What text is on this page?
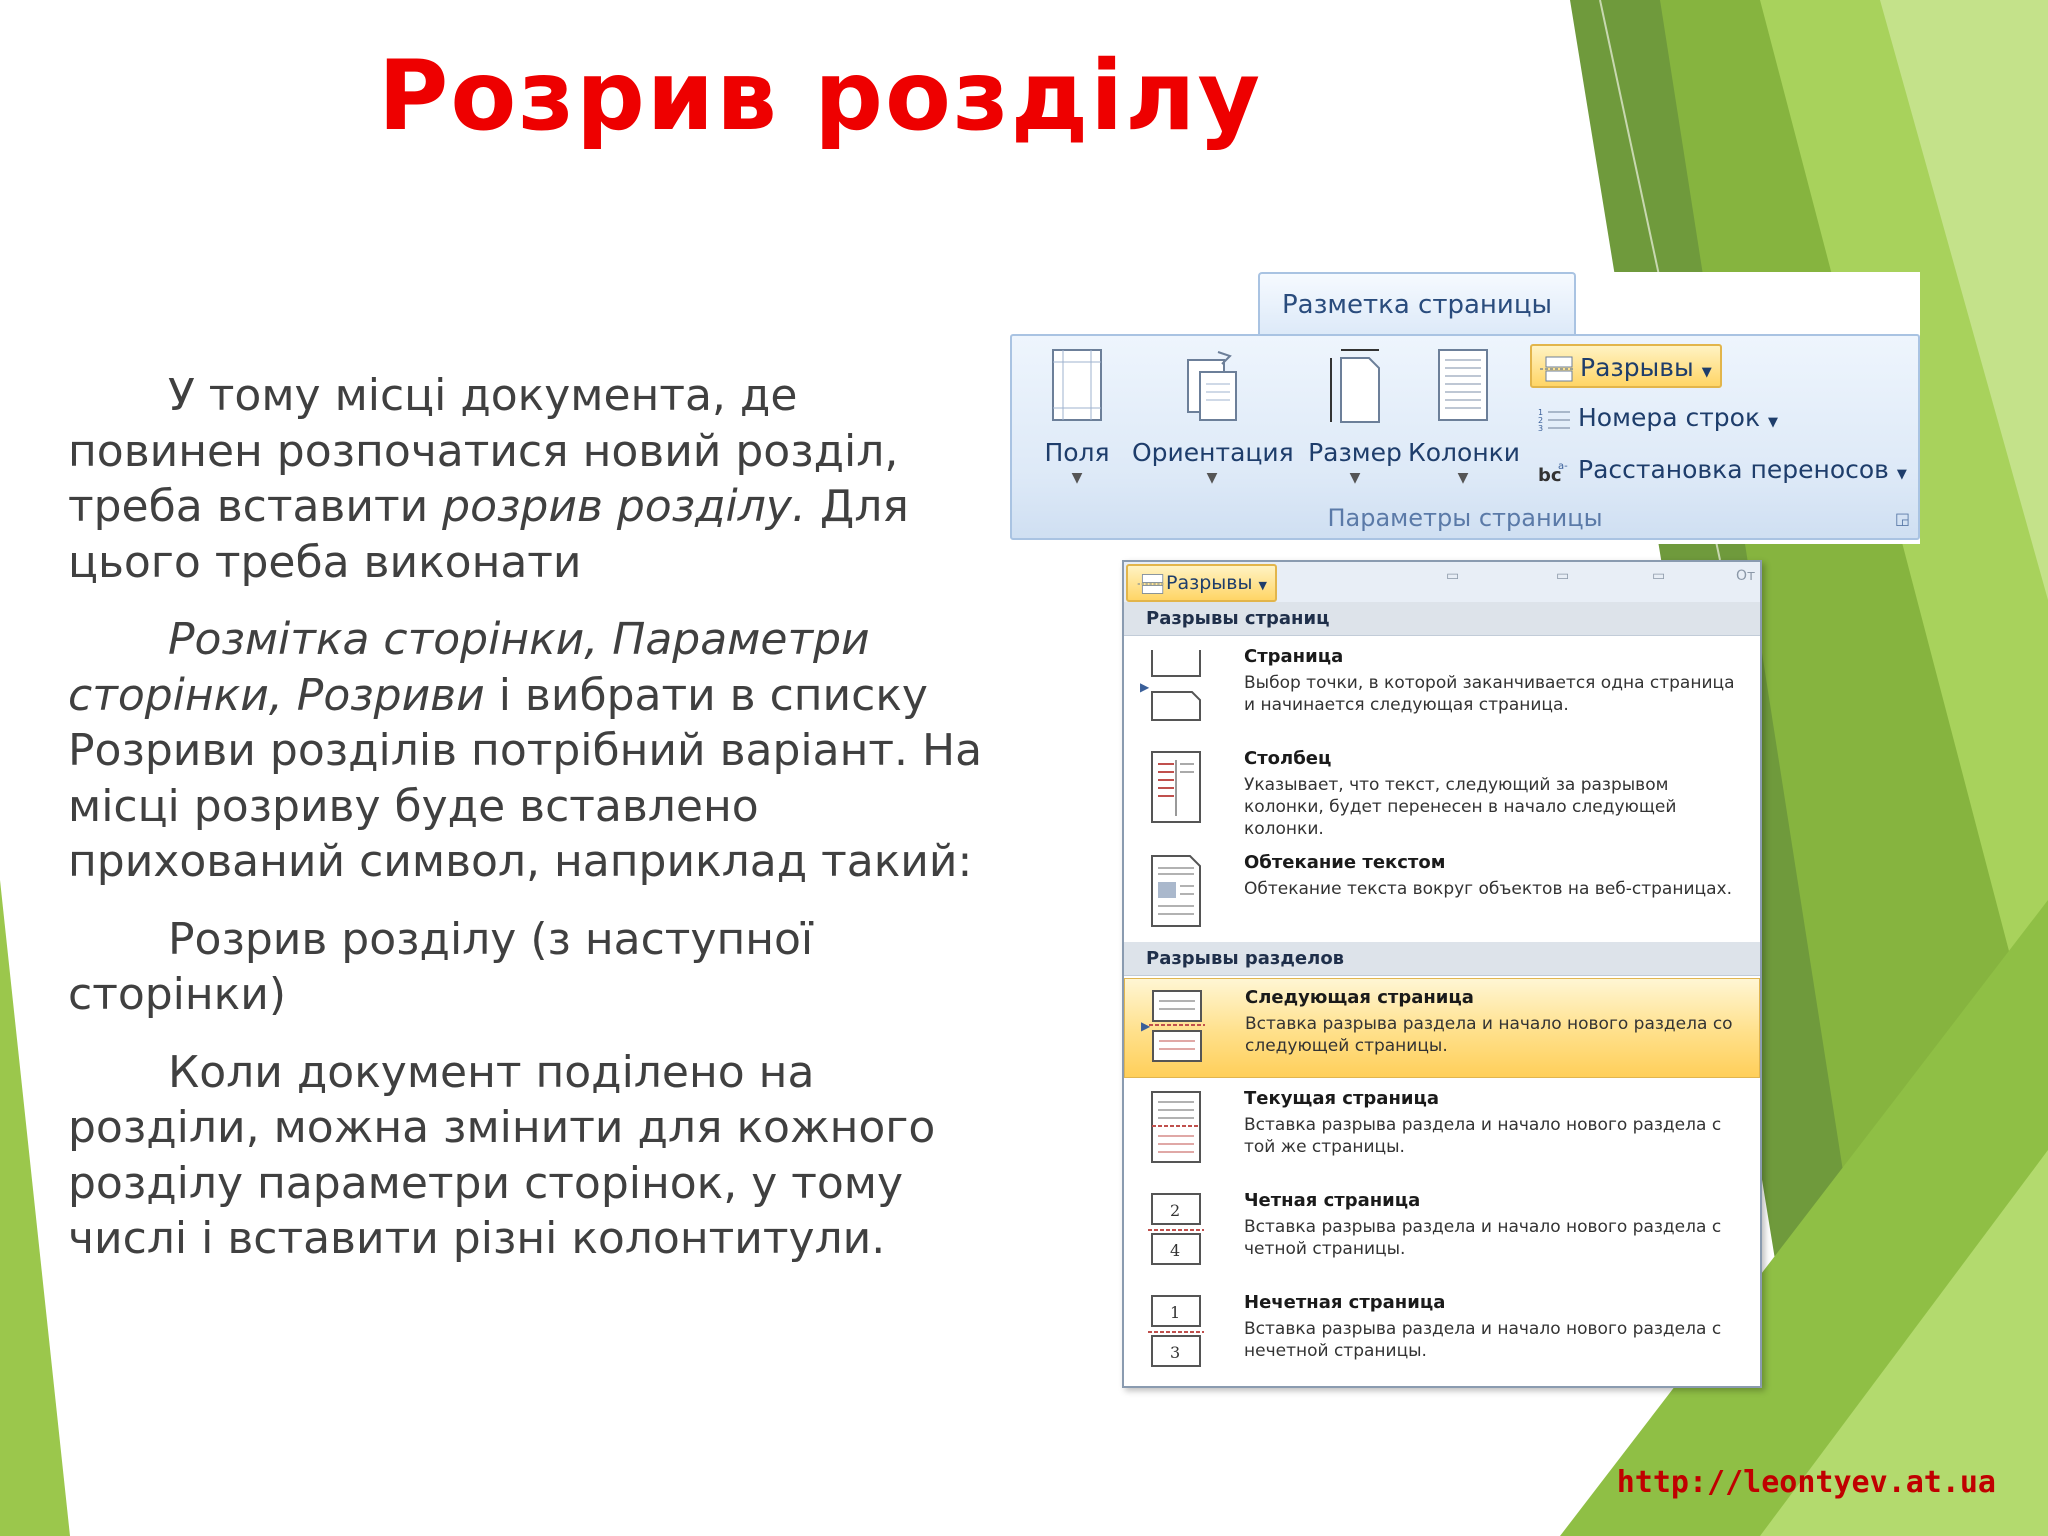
Розрив розділу

У тому місці документа, де повинен розпочатися новий розділ, треба вставити розрив розділу. Для цього треба виконати

Розмітка сторінки, Параметри сторінки, Розриви і вибрати в списку Розриви розділів потрібний варіант. На місці розриву буде вставлено прихований символ, наприклад такий:

Розрив розділу (з наступної сторінки)

Коли документ поділено на розділи, можна змінити для кожного розділу параметри сторінок, у тому числі і вставити різні колонтитули.

Разметка страницы
Поля
▼
Ориентация
▼
Размер
▼
Колонки
▼
Разрывы ▼
1
2
3 Номера строк ▼
bc
a- Расстановка переносов ▼
Параметры страницы	◲
Разрывы ▼
▭	▭	▭	От
Разрывы страниц
▶
Страница
Выбор точки, в которой заканчивается одна страница и начинается следующая страница.
Столбец
Указывает, что текст, следующий за разрывом колонки, будет перенесен в начало следующей колонки.
Обтекание текстом
Обтекание текста вокруг объектов на веб-страницах.
Разрывы разделов
▶
Следующая страница
Вставка разрыва раздела и начало нового раздела со следующей страницы.
Текущая страница
Вставка разрыва раздела и начало нового раздела с той же страницы.
2
4
Четная страница
Вставка разрыва раздела и начало нового раздела с четной страницы.
1
3
Нечетная страница
Вставка разрыва раздела и начало нового раздела с нечетной страницы.
http://leontyev.at.ua
